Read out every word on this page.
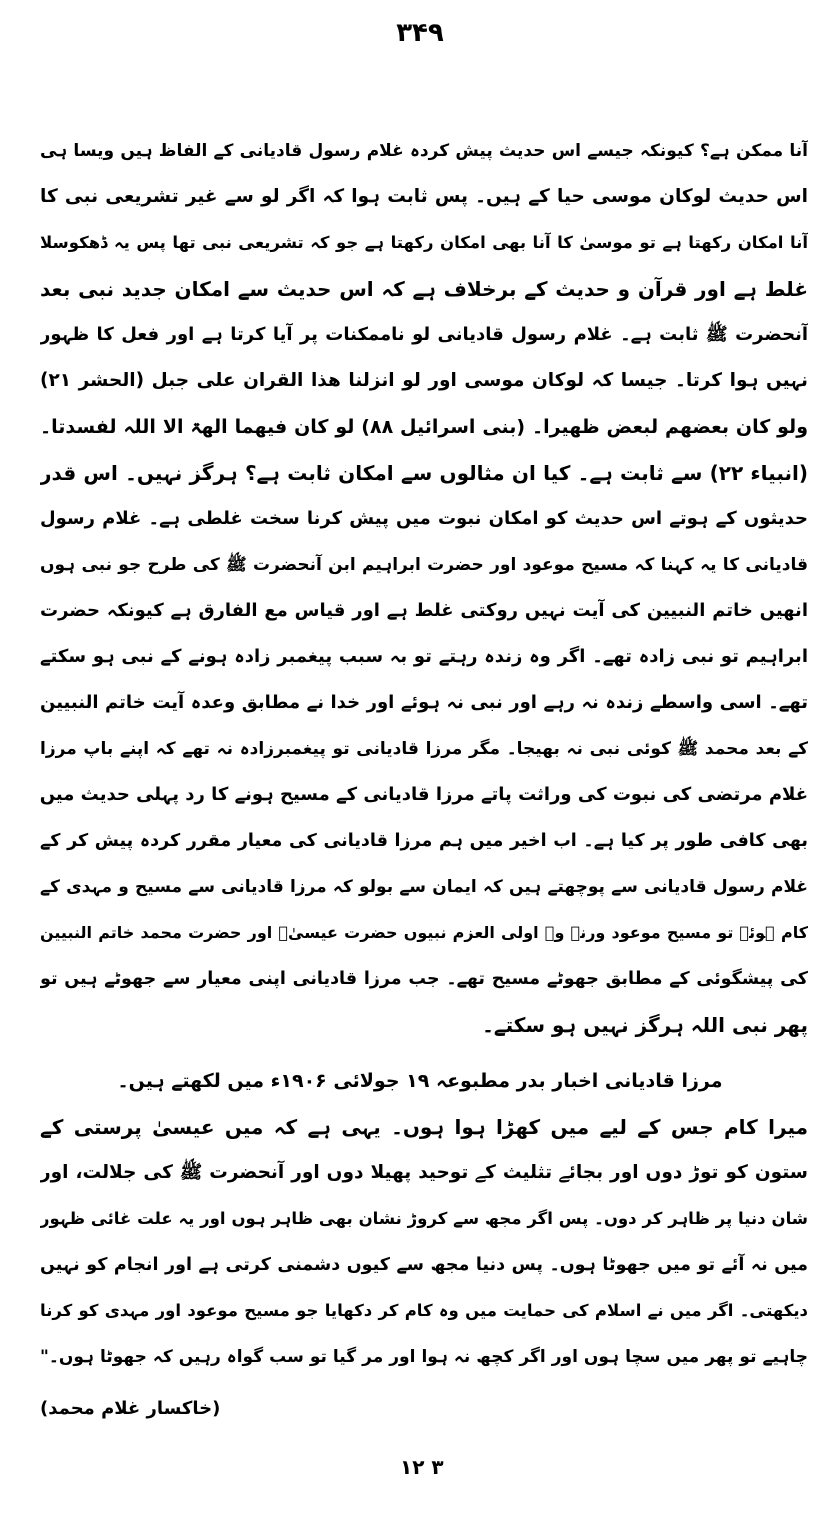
۳۴۹
آنا ممکن ہے؟ کیونکہ جیسے اس حدیث پیش کردہ غلام رسول قادیانی کے الفاظ ہیں ویسا ہی
اس حدیث لوکان موسی حیا کے ہیں۔ پس ثابت ہوا کہ اگر لو سے غیر تشریعی نبی کا
آنا امکان رکھتا ہے تو موسیٰ کا آنا بھی امکان رکھتا ہے جو کہ تشریعی نبی تھا پس یہ ڈھکوسلا
غلط ہے اور قرآن و حدیث کے برخلاف ہے کہ اس حدیث سے امکان جدید نبی بعد
آنحضرت ﷺ ثابت ہے۔ غلام رسول قادیانی لو ناممکنات پر آیا کرتا ہے اور فعل کا ظہور
نہیں ہوا کرتا۔ جیسا کہ لوکان موسی اور لو انزلنا ھذا القران علی جبل (الحشر ۲۱)
ولو کان بعضھم لبعض ظھیرا۔ (بنی اسرائیل ۸۸) لو کان فیھما الھۃ الا اللہ لفسدتا۔
(انبیاء ۲۲) سے ثابت ہے۔ کیا ان مثالوں سے امکان ثابت ہے؟ ہرگز نہیں۔ اس قدر
حدیثوں کے ہوتے اس حدیث کو امکان نبوت میں پیش کرنا سخت غلطی ہے۔ غلام رسول
قادیانی کا یہ کہنا کہ مسیح موعود اور حضرت ابراہیم ابن آنحضرت ﷺ کی طرح جو نبی ہوں
انھیں خاتم النبیین کی آیت نہیں روکتی غلط ہے اور قیاس مع الفارق ہے کیونکہ حضرت
ابراہیم تو نبی زادہ تھے۔ اگر وہ زندہ رہتے تو بہ سبب پیغمبر زادہ ہونے کے نبی ہو سکتے
تھے۔ اسی واسطے زندہ نہ رہے اور نبی نہ ہوئے اور خدا نے مطابق وعدہ آیت خاتم النبیین
کے بعد محمد ﷺ کوئی نبی نہ بھیجا۔ مگر مرزا قادیانی تو پیغمبرزادہ نہ تھے کہ اپنے باپ مرزا
غلام مرتضی کی نبوت کی وراثت پاتے مرزا قادیانی کے مسیح ہونے کا رد پہلی حدیث میں
بھی کافی طور پر کیا ہے۔ اب اخیر میں ہم مرزا قادیانی کی معیار مقرر کردہ پیش کر کے
غلام رسول قادیانی سے پوچھتے ہیں کہ ایمان سے بولو کہ مرزا قادیانی سے مسیح و مہدی کے
کام ہوئے تو مسیح موعود ورنہ وہ اولی العزم نبیوں حضرت عیسیٰؑ اور حضرت محمد خاتم النبیین
کی پیشگوئی کے مطابق جھوٹے مسیح تھے۔ جب مرزا قادیانی اپنی معیار سے جھوٹے ہیں تو
پھر نبی اللہ ہرگز نہیں ہو سکتے۔
مرزا قادیانی اخبار بدر مطبوعہ ۱۹ جولائی ۱۹۰۶ء میں لکھتے ہیں۔
میرا کام جس کے لیے میں کھڑا ہوا ہوں۔ یہی ہے کہ میں عیسیٰ پرستی کے
ستون کو توڑ دوں اور بجائے تثلیث کے توحید پھیلا دوں اور آنحضرت ﷺ کی جلالت، اور
شان دنیا پر ظاہر کر دوں۔ پس اگر مجھ سے کروڑ نشان بھی ظاہر ہوں اور یہ علت غائی ظہور
میں نہ آئے تو میں جھوٹا ہوں۔ پس دنیا مجھ سے کیوں دشمنی کرتی ہے اور انجام کو نہیں
دیکھتی۔ اگر میں نے اسلام کی حمایت میں وہ کام کر دکھایا جو مسیح موعود اور مہدی کو کرنا
چاہیے تو پھر میں سچا ہوں اور اگر کچھ نہ ہوا اور مر گیا تو سب گواہ رہیں کہ جھوٹا ہوں۔"
(خاکسار غلام محمد)
۱۲ ۳
